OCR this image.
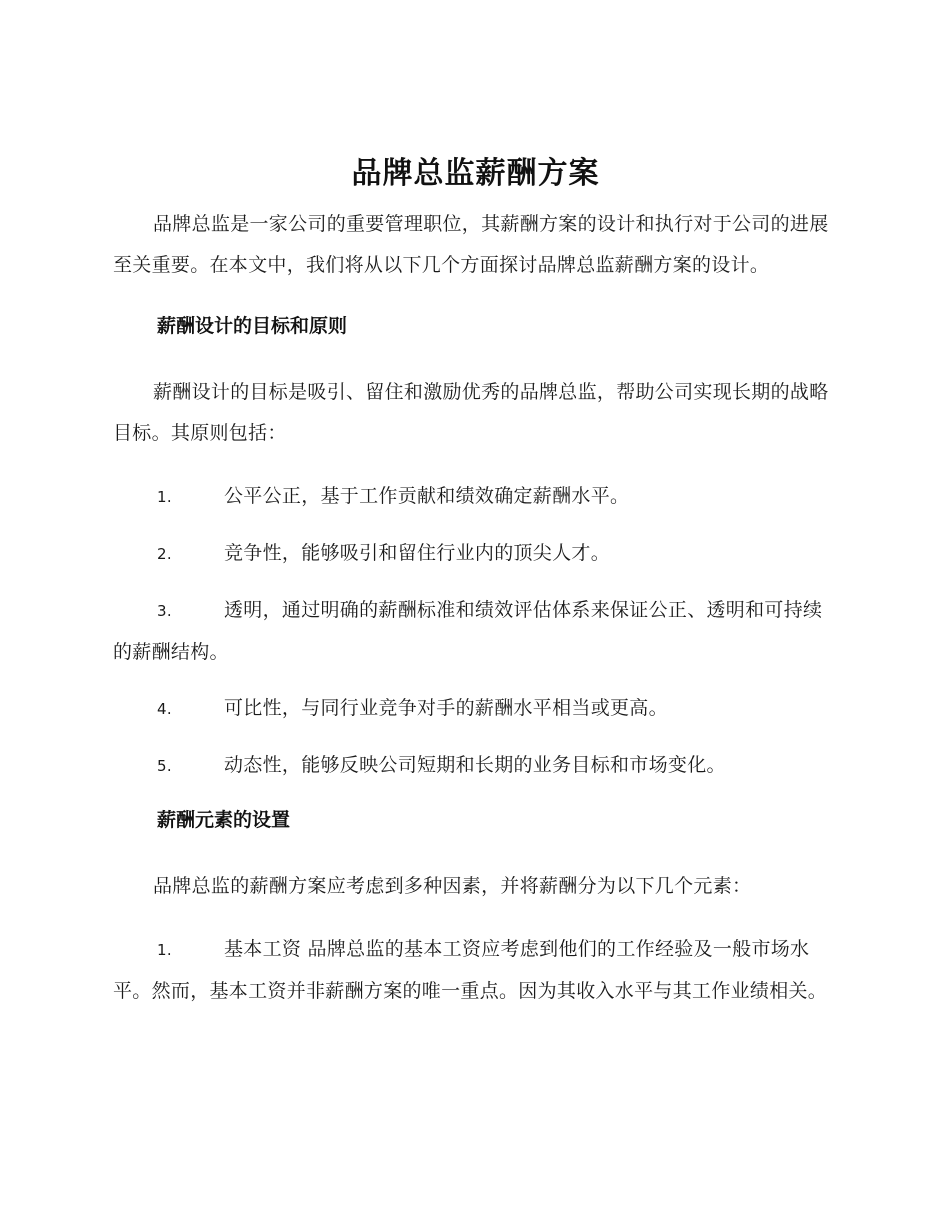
品牌总监薪酬方案

品牌总监是一家公司的重要管理职位，其薪酬方案的设计和执行对于公司的进展至关重要。在本文中，我们将从以下几个方面探讨品牌总监薪酬方案的设计。

薪酬设计的目标和原则

薪酬设计的目标是吸引、留住和激励优秀的品牌总监，帮助公司实现长期的战略目标。其原则包括：

1.	公平公正，基于工作贡献和绩效确定薪酬水平。
2.	竞争性，能够吸引和留住行业内的顶尖人才。
3.	透明，通过明确的薪酬标准和绩效评估体系来保证公正、透明和可持续的薪酬结构。
4.	可比性，与同行业竞争对手的薪酬水平相当或更高。
5.	动态性，能够反映公司短期和长期的业务目标和市场变化。
薪酬元素的设置

品牌总监的薪酬方案应考虑到多种因素，并将薪酬分为以下几个元素：

1.	基本工资 品牌总监的基本工资应考虑到他们的工作经验及一般市场水平。然而，基本工资并非薪酬方案的唯一重点。因为其收入水平与其工作业绩相关。
